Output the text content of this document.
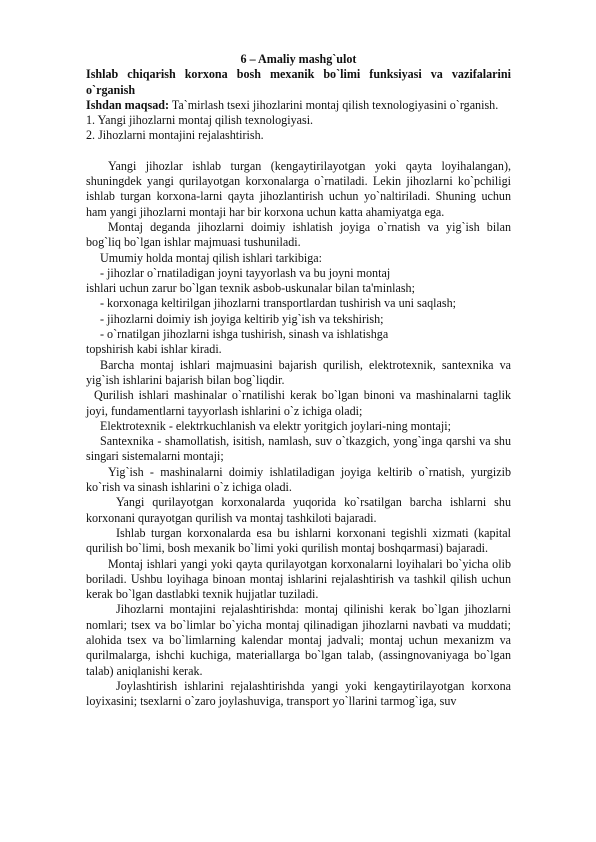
6 – Amaliy mashg`ulot

Ishlab chiqarish korxona bosh mexanik bo`limi funksiyasi va vazifalarini o`rganish

Ishdan maqsad: Ta`mirlash tsexi jihozlarini montaj qilish texnologiyasini o`rganish.

1. Yangi jihozlarni montaj qilish texnologiyasi.

2. Jihozlarni montajini rejalashtirish.

Yangi jihozlar ishlab turgan (kengaytirilayotgan yoki qayta loyihalangan), shuningdek yangi qurilayotgan korxonalarga o`rnatiladi. Lekin jihozlarni ko`pchiligi ishlab turgan korxona-larni qayta jihozlantirish uchun yo`naltiriladi. Shuning uchun ham yangi jihozlarni montaji har bir korxona uchun katta ahamiyatga ega.

Montaj deganda jihozlarni doimiy ishlatish joyiga o`rnatish va yig`ish bilan bog`liq bo`lgan ishlar majmuasi tushuniladi.

Umumiy holda montaj qilish ishlari tarkibiga:

- jihozlar o`rnatiladigan joyni tayyorlash va bu joyni montaj

ishlari uchun zarur bo`lgan texnik asbob-uskunalar bilan ta'minlash;

- korxonaga keltirilgan jihozlarni transportlardan tushirish va uni saqlash;

- jihozlarni doimiy ish joyiga keltirib yig`ish va tekshirish;

- o`rnatilgan jihozlarni ishga tushirish, sinash va ishlatishga

topshirish kabi ishlar kiradi.

Barcha montaj ishlari majmuasini bajarish qurilish, elektrotexnik, santexnika va yig`ish ishlarini bajarish bilan bog`liqdir.

Qurilish ishlari mashinalar o`rnatilishi kerak bo`lgan binoni va mashinalarni taglik joyi, fundamentlarni tayyorlash ishlarini o`z ichiga oladi;

Elektrotexnik - elektrkuchlanish va elektr yoritgich joylari-ning montaji;

Santexnika - shamollatish, isitish, namlash, suv o`tkazgich, yong`inga qarshi va shu singari sistemalarni montaji;

Yig`ish - mashinalarni doimiy ishlatiladigan joyiga keltirib o`rnatish, yurgizib ko`rish va sinash ishlarini o`z ichiga oladi.

Yangi qurilayotgan korxonalarda yuqorida ko`rsatilgan barcha ishlarni shu korxonani qurayotgan qurilish va montaj tashkiloti bajaradi.

Ishlab turgan korxonalarda esa bu ishlarni korxonani tegishli xizmati (kapital qurilish bo`limi, bosh mexanik bo`limi yoki qurilish montaj boshqarmasi) bajaradi.

Montaj ishlari yangi yoki qayta qurilayotgan korxonalarni loyihalari bo`yicha olib boriladi. Ushbu loyihaga binoan montaj ishlarini rejalashtirish va tashkil qilish uchun kerak bo`lgan dastlabki texnik hujjatlar tuziladi.

Jihozlarni montajini rejalashtirishda: montaj qilinishi kerak bo`lgan jihozlarni nomlari; tsex va bo`limlar bo`yicha montaj qilinadigan jihozlarni navbati va muddati; alohida tsex va bo`limlarning kalendar montaj jadvali; montaj uchun mexanizm va qurilmalarga, ishchi kuchiga, materiallarga bo`lgan talab, (assingnovaniyaga bo`lgan talab) aniqlanishi kerak.

Joylashtirish ishlarini rejalashtirishda yangi yoki kengaytirilayotgan korxona loyixasini; tsexlarni o`zaro joylashuviga, transport yo`llarini tarmog`iga, suv
